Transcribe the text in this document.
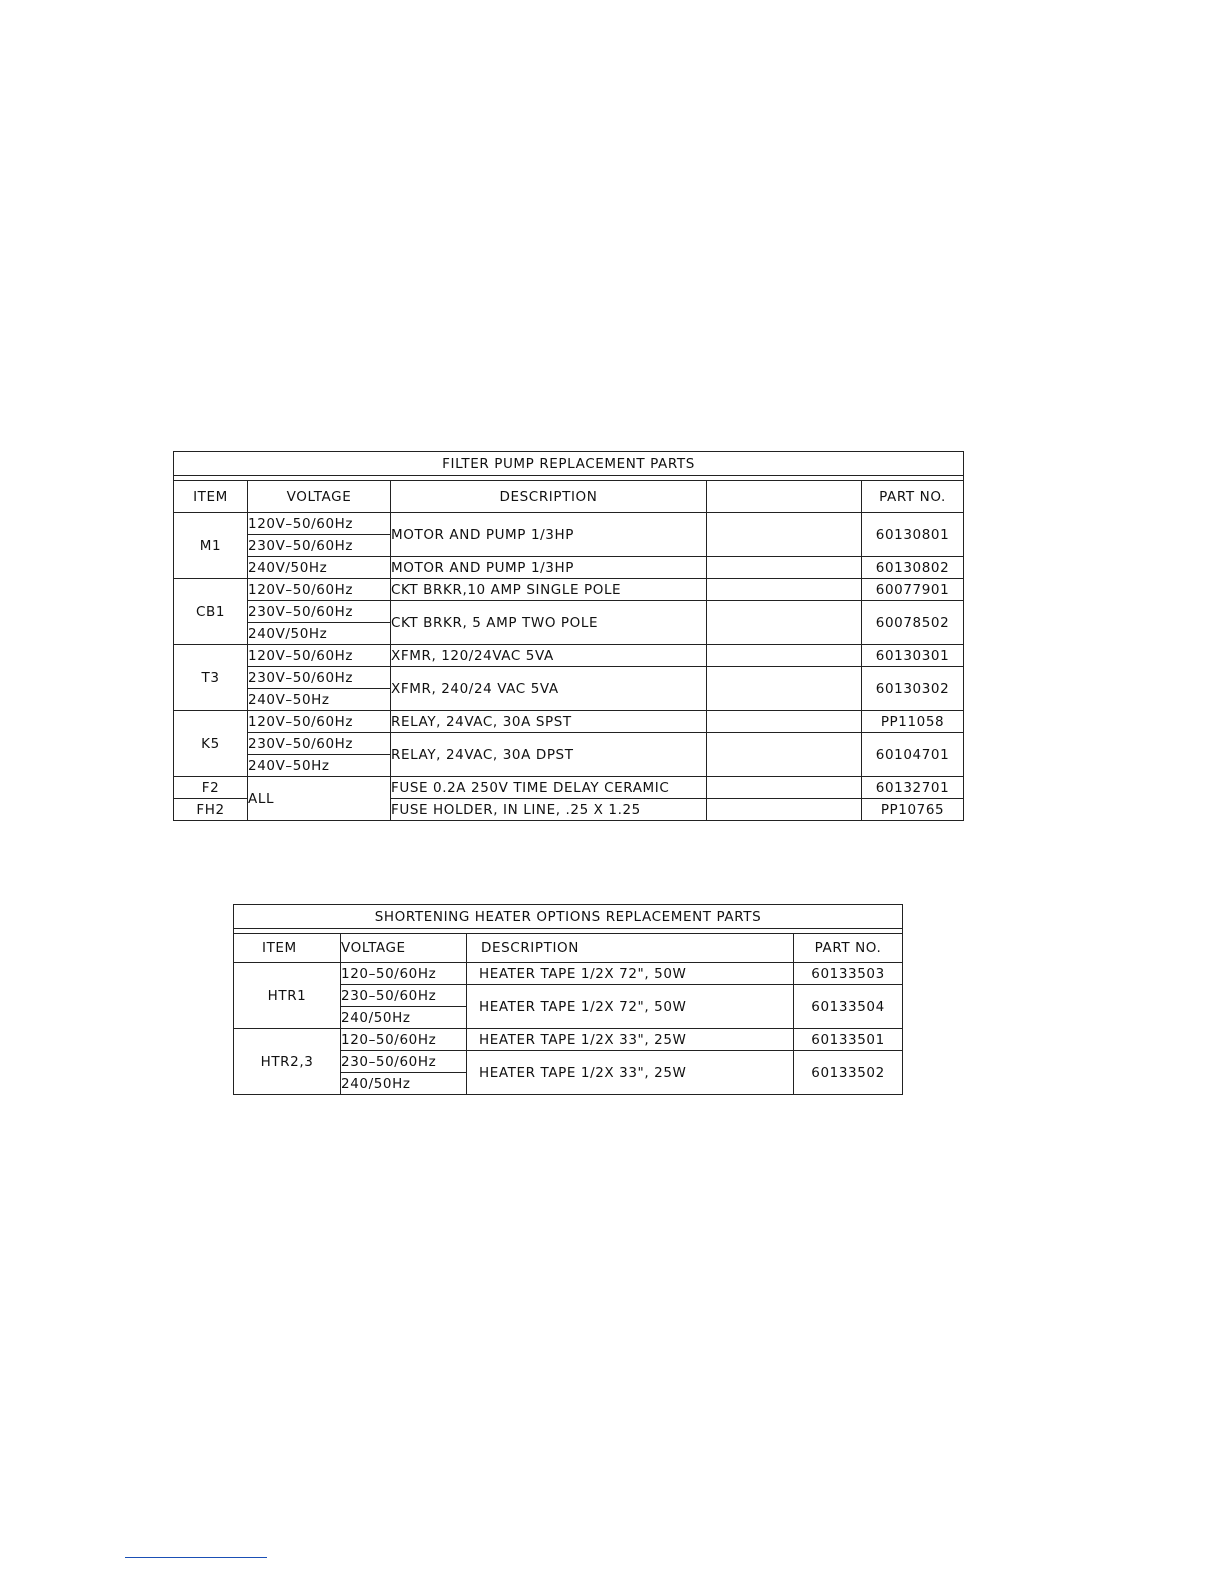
FILTER PUMP REPLACEMENT PARTS				

ITEM	VOLTAGE	DESCRIPTION		PART NO.
M1	120V–50/60Hz	MOTOR AND PUMP 1/3HP		60130801
	230V–50/60Hz			
	240V/50Hz	MOTOR AND PUMP 1/3HP		60130802
CB1	120V–50/60Hz	CKT BRKR,10 AMP SINGLE POLE		60077901
	230V–50/60Hz	CKT BRKR, 5 AMP TWO POLE		60078502
	240V/50Hz			
T3	120V–50/60Hz	XFMR, 120/24VAC 5VA		60130301
	230V–50/60Hz	XFMR, 240/24 VAC 5VA		60130302
	240V–50Hz			
K5	120V–50/60Hz	RELAY, 24VAC, 30A SPST		PP11058
	230V–50/60Hz	RELAY, 24VAC, 30A DPST		60104701
	240V–50Hz			
F2	ALL	FUSE 0.2A 250V TIME DELAY CERAMIC		60132701
FH2		FUSE HOLDER, IN LINE, .25 X 1.25		PP10765
SHORTENING HEATER OPTIONS REPLACEMENT PARTS			

ITEM	VOLTAGE	DESCRIPTION	PART NO.
HTR1	120–50/60Hz	HEATER TAPE 1/2X 72", 50W	60133503
	230–50/60Hz	HEATER TAPE 1/2X 72", 50W	60133504
	240/50Hz		
HTR2,3	120–50/60Hz	HEATER TAPE 1/2X 33", 25W	60133501
	230–50/60Hz	HEATER TAPE 1/2X 33", 25W	60133502
	240/50Hz		
